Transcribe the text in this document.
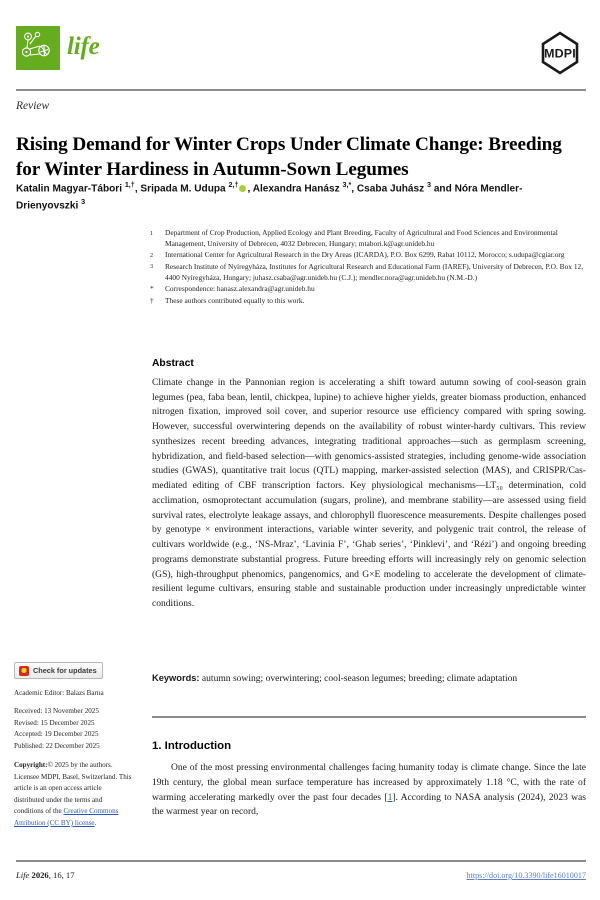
life	MDPI
Review
Rising Demand for Winter Crops Under Climate Change: Breeding for Winter Hardiness in Autumn-Sown Legumes
Katalin Magyar-Tábori $^{1,\dagger}$, Sripada M. Udupa $^{2,\dagger}$ , Alexandra Hanász $^{3,*}$, Csaba Juhász $^3$ and Nóra Mendler-Drienyovszki $^3$
1	Department of Crop Production, Applied Ecology and Plant Breeding, Faculty of Agricultural and Food Sciences and Environmental Management, University of Debrecen, 4032 Debrecen, Hungary; mtabori.k@agr.unideb.hu
2	International Center for Agricultural Research in the Dry Areas (ICARDA), P.O. Box 6299, Rabat 10112, Morocco; s.udupa@cgiar.org
3	Research Institute of Nyíregyháza, Institutes for Agricultural Research and Educational Farm (IAREF), University of Debrecen, P.O. Box 12, 4400 Nyíregyháza, Hungary; juhasz.csaba@agr.unideb.hu (C.J.); mendler.nora@agr.unideb.hu (N.M.-D.)
*	Correspondence: hanasz.alexandra@agr.unideb.hu
†	These authors contributed equally to this work.
Abstract
Climate change in the Pannonian region is accelerating a shift toward autumn sowing of cool-season grain legumes (pea, faba bean, lentil, chickpea, lupine) to achieve higher yields, greater biomass production, enhanced nitrogen fixation, improved soil cover, and superior resource use efficiency compared with spring sowing. However, successful overwintering depends on the availability of robust winter-hardy cultivars. This review synthesizes recent breeding advances, integrating traditional approaches—such as germplasm screening, hybridization, and field-based selection—with genomics-assisted strategies, including genome-wide association studies (GWAS), quantitative trait locus (QTL) mapping, marker-assisted selection (MAS), and CRISPR/Cas-mediated editing of CBF transcription factors. Key physiological mechanisms—LT₅₀ determination, cold acclimation, osmoprotectant accumulation (sugars, proline), and membrane stability—are assessed using field survival rates, electrolyte leakage assays, and chlorophyll fluorescence measurements. Despite challenges posed by genotype × environment interactions, variable winter severity, and polygenic trait control, the release of cultivars worldwide (e.g., ‘NS-Mraz’, ‘Lavinia F’, ‘Ghab series’, ‘Pinklevi’, and ‘Rézi’) and ongoing breeding programs demonstrate substantial progress. Future breeding efforts will increasingly rely on genomic selection (GS), high-throughput phenomics, pangenomics, and G×E modeling to accelerate the development of climate-resilient legume cultivars, ensuring stable and sustainable production under increasingly unpredictable winter conditions.
Keywords: autumn sowing; overwintering; cool-season legumes; breeding; climate adaptation
1. Introduction
One of the most pressing environmental challenges facing humanity today is climate change. Since the late 19th century, the global mean surface temperature has increased by approximately 1.18 °C, with the rate of warming accelerating markedly over the past four decades [1]. According to NASA analysis (2024), 2023 was the warmest year on record,
Check for updates
Academic Editor: Balazs Barna
Received: 13 November 2025
Revised: 15 December 2025
Accepted: 19 December 2025
Published: 22 December 2025
Copyright:© 2025 by the authors. Licensee MDPI, Basel, Switzerland. This article is an open access article distributed under the terms and conditions of the Creative Commons Attribution (CC BY) license.
Life 2026, 16, 17	https://doi.org/10.3390/life16010017
